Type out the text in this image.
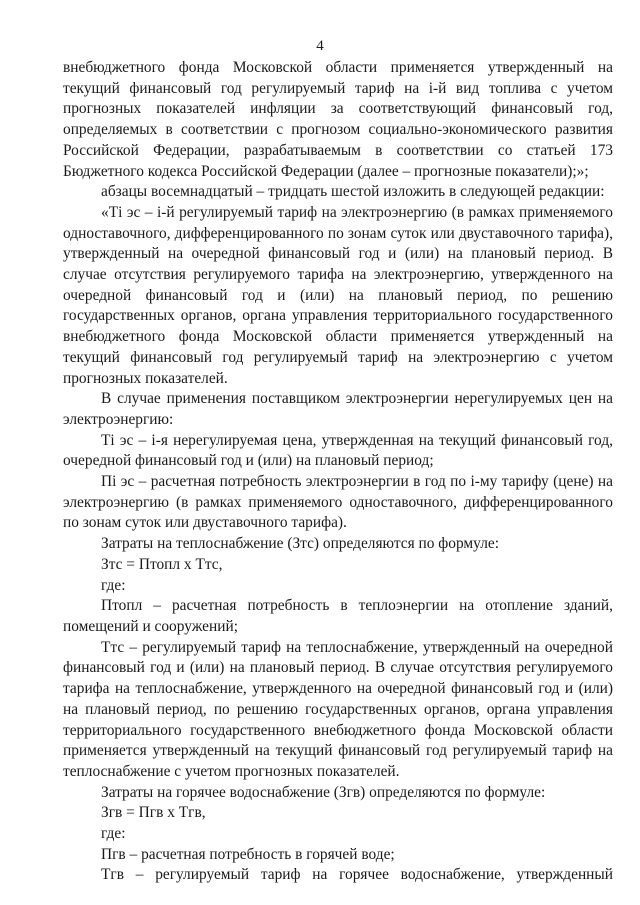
4

внебюджетного фонда Московской области применяется утвержденный на текущий финансовый год регулируемый тариф на i-й вид топлива с учетом прогнозных показателей инфляции за соответствующий финансовый год, определяемых в соответствии с прогнозом социально-экономического развития Российской Федерации, разрабатываемым в соответствии со статьей 173 Бюджетного кодекса Российской Федерации (далее – прогнозные показатели);»;

абзацы восемнадцатый – тридцать шестой изложить в следующей редакции:

«Тi эс – i-й регулируемый тариф на электроэнергию (в рамках применяемого одноставочного, дифференцированного по зонам суток или двуставочного тарифа), утвержденный на очередной финансовый год и (или) на плановый период. В случае отсутствия регулируемого тарифа на электроэнергию, утвержденного на очередной финансовый год и (или) на плановый период, по решению государственных органов, органа управления территориального государственного внебюджетного фонда Московской области применяется утвержденный на текущий финансовый год регулируемый тариф на электроэнергию с учетом прогнозных показателей.

В случае применения поставщиком электроэнергии нерегулируемых цен на электроэнергию:

Тi эс – i-я нерегулируемая цена, утвержденная на текущий финансовый год, очередной финансовый год и (или) на плановый период;

Пi эс – расчетная потребность электроэнергии в год по i-му тарифу (цене) на электроэнергию (в рамках применяемого одноставочного, дифференцированного по зонам суток или двуставочного тарифа).

Затраты на теплоснабжение (Зтс) определяются по формуле:

Зтс = Птопл х Ттс,

где:

Птопл – расчетная потребность в теплоэнергии на отопление зданий, помещений и сооружений;

Ттс – регулируемый тариф на теплоснабжение, утвержденный на очередной финансовый год и (или) на плановый период. В случае отсутствия регулируемого тарифа на теплоснабжение, утвержденного на очередной финансовый год и (или) на плановый период, по решению государственных органов, органа управления территориального государственного внебюджетного фонда Московской области применяется утвержденный на текущий финансовый год регулируемый тариф на теплоснабжение с учетом прогнозных показателей.

Затраты на горячее водоснабжение (Згв) определяются по формуле:

Згв = Пгв х Тгв,

где:

Пгв – расчетная потребность в горячей воде;

Тгв – регулируемый тариф на горячее водоснабжение, утвержденный
